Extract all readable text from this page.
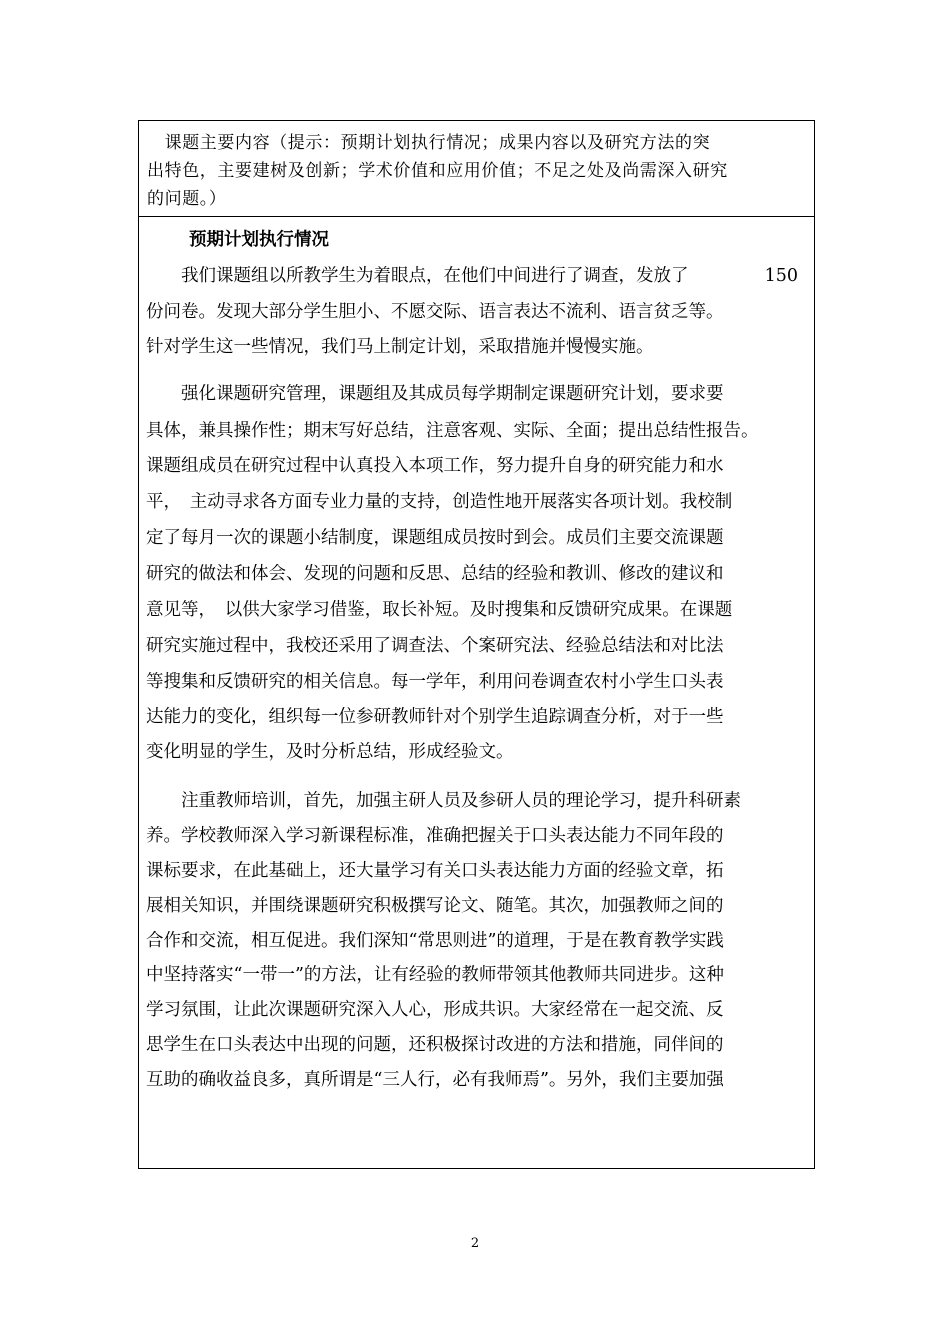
　课题主要内容（提示：预期计划执行情况；成果内容以及研究方法的突
出特色，主要建树及创新；学术价值和应用价值；不足之处及尚需深入研究
的问题。）
预期计划执行情况
　　我们课题组以所教学生为着眼点，在他们中间进行了调查，发放了	150
份问卷。发现大部分学生胆小、不愿交际、语言表达不流利、语言贫乏等。
针对学生这一些情况，我们马上制定计划，采取措施并慢慢实施。
　　强化课题研究管理，课题组及其成员每学期制定课题研究计划，要求要
具体，兼具操作性；期末写好总结，注意客观、实际、全面；提出总结性报告。
课题组成员在研究过程中认真投入本项工作，努力提升自身的研究能力和水
平，　主动寻求各方面专业力量的支持，创造性地开展落实各项计划。我校制
定了每月一次的课题小结制度，课题组成员按时到会。成员们主要交流课题
研究的做法和体会、发现的问题和反思、总结的经验和教训、修改的建议和
意见等，　以供大家学习借鉴，取长补短。及时搜集和反馈研究成果。在课题
研究实施过程中，我校还采用了调查法、个案研究法、经验总结法和对比法
等搜集和反馈研究的相关信息。每一学年，利用问卷调查农村小学生口头表
达能力的变化，组织每一位参研教师针对个别学生追踪调查分析，对于一些
变化明显的学生，及时分析总结，形成经验文。
　　注重教师培训，首先，加强主研人员及参研人员的理论学习，提升科研素
养。学校教师深入学习新课程标准，准确把握关于口头表达能力不同年段的
课标要求，在此基础上，还大量学习有关口头表达能力方面的经验文章，拓
展相关知识，并围绕课题研究积极撰写论文、随笔。其次，加强教师之间的
合作和交流，相互促进。我们深知“常思则进”的道理，于是在教育教学实践
中坚持落实“一带一”的方法，让有经验的教师带领其他教师共同进步。这种
学习氛围，让此次课题研究深入人心，形成共识。大家经常在一起交流、反
思学生在口头表达中出现的问题，还积极探讨改进的方法和措施，同伴间的
互助的确收益良多，真所谓是“三人行，必有我师焉”。另外，我们主要加强
2
